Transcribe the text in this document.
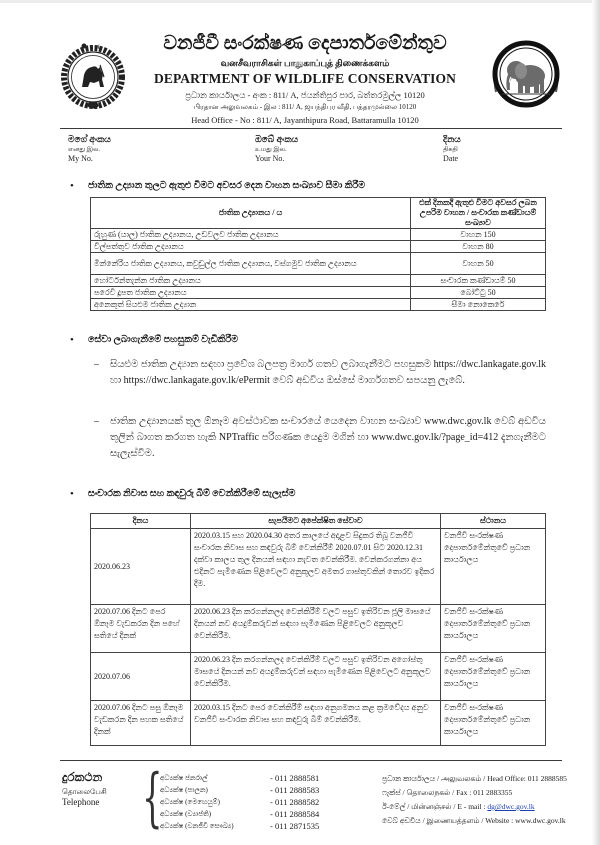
වනජීවී සංරක්ෂණ දෙපාර්තමේන්තුව
வனசீவராசிகள் பாதுகாப்புத் திணைக்களம்
DEPARTMENT OF WILDLIFE CONSERVATION
ප්‍රධාන කාර්යාලය - අංක : 811/ A, ජයන්තිපුර පාර, බත්තරමුල්ල 10120
பிரதான அலுவலகம் - இல : 811/ A, ஜயந்திபுர வீதி, பத்தரமுல்லை 10120
Head Office - No : 811/ A, Jayanthipura Road, Battaramulla 10120
මගේ අංකය
எனது இல.
My No.
ඔබේ අංකය
உமது இல.
Your No.
දිනය
திகதி
Date
• ජාතික උද්‍යාන තුලට ඇතුළු වීමට අවසර දෙන වාහන සංඛ්‍යාව සීමා කිරීම
ජාතික උද්‍යානය / ය	එක් දිනකදී ඇතුළු වීමට අවසර ලබන උපරිම වාහන / සංචාරක කණ්ඩායම් සංඛ්‍යාව
රුහුණ (යාල) ජාතික උද්‍යානය, උඩවලව ජාතික උද්‍යානය	වාහන 150
විල්පත්තුව ජාතික උද්‍යානය	වාහන 80
මින්නේරිය ජාතික උද්‍යානය, කවුඩුල්ල ජාතික උද්‍යානය, වස්ගමුව ජාතික උද්‍යානය	වාහන 50
හෝර්ටන්තැන්න ජාතික උද්‍යානය	සංචාරක කණ්ඩායම් 50
පරෙවි දූපත ජාතික උද්‍යානය	බෝට්ටු 50
අනෙකුත් සියළුම ජාතික උද්‍යාන	සීමා නොකෙරේ
• සේවා ලබාගැනීමේ පහසුකම් වැඩිකිරීම
– සියළුම ජාතික උද්‍යාන සඳහා ප්‍රවේශ බලපත්‍ර මාර්ග ගතව ලබාගැනීමට පහසුකම https://dwc.lankagate.gov.lk හා https://dwc.lankagate.gov.lk/ePermit වෙබ් අඩවිය ඔස්සේ මාර්ගගතව සපයනු ලැබේ.
– ජාතික උද්‍යානයක් තුල ඕනෑම අවස්ථාවක සංචාරයේ යෙදෙන වාහන සංඛ්‍යාව www.dwc.gov.lk වෙබ් අඩවිය තුලින් බාගත කරගත හැකි NPTraffic පරිගණක යෙදුම මගින් හා www.dwc.gov.lk/?page_id=412 දැනගැනීමට සැලැස්වීම.
• සංචාරක නිවාස සහ කඳවුරු බිම් වෙන්කිරීමේ සැලැස්ම
දිනය	සැපයීමට අපේක්ෂිත සේවාව	ස්ථානය
2020.06.23	2020.03.15 සහ 2020.04.30 අතර කාලයේ අදාළව සිදුකර තිබූ වනජීවී සංචාරක නිවාස සහ කඳවුරු බිම් වෙන්කිරීම් 2020.07.01 සිට 2020.12.31 දක්වා කාලය තුල දිනයන් සඳහා නැවත වෙන්කිරීම. වෙන්කරගන්නා අය එදිනට පැමිණෙන පිළිවෙලට අනුකූලව අමතර ගාස්තුවකින් තොරව ඉදිකර දීම.	වනජීවී සංරක්ෂණ දෙපාර්තමේන්තුවේ ප්‍රධාන කාර්යාලය
2020.07.06 දිනට පෙර ඕනෑම වැඩකරන දින පහේ සතියේ දිනක්	2020.06.23 දින කරගන්නලද වෙන්කිරීම් වලට පසුව ඉතිරිවන ජූලි මාසයේ දිනයන් නව අයදුම්කරුවන් සඳහා පැමිණෙන පිළිවෙලට අනුකූලව වෙන්කිරීම.	වනජීවී සංරක්ෂණ දෙපාර්තමේන්තුවේ ප්‍රධාන කාර්යාලය
2020.07.06	2020.06.23 දින කරගන්නලද වෙන්කිරීම් වලට පසුව ඉතිරිවන අගෝස්තු මාසයේ දිනයන් නව අයදුම්කරුවන් සඳහා පැමිණෙන පිළිවෙලට අනුකූලව වෙන්කිරීම.	වනජීවී සංරක්ෂණ දෙපාර්තමේන්තුවේ ප්‍රධාන කාර්යාලය
2020.07.06 දිනට පසු ඕනෑම වැඩකරන දින පහක සතියේ දිනක්	2020.03.15 දිනට පෙර වෙන්කිරීම් සඳහා අනුගමනය කළ ක්‍රමවේදය අනුව වනජීවී සංචාරක නිවාස සහ කඳවුරු බිම් වෙන්කිරීම.	වනජීවී සංරක්ෂණ දෙපාර්තමේන්තුවේ ප්‍රධාන කාර්යාලය
දුරකථන
தொலைபேசி
Telephone {
අධ්‍යක්ෂ ජනරාල්	- 011 2888581
අධ්‍යක්ෂ (පාලන)	- 011 2888583
අධ්‍යක්ෂ (මෙහෙයුම්)	- 011 2888582
අධ්‍යක්ෂ (ව්‍යාප්ති)	- 011 2888584
අධ්‍යක්ෂ (වනජීවී සෞඛ්‍ය)	- 011 2871535
ප්‍රධාන කාර්යාලය / அலுவலகம் / Head Office: 011 2888585
ෆැක්ස් / தொலைநகல் / Fax : 011 2883355
ඊ-මේල් / மின்னஞ்சல் / E - mail : dg@dwc.gov.lk
වෙබ් අඩවිය / இணையத்தளம் / Website : www.dwc.gov.lk
